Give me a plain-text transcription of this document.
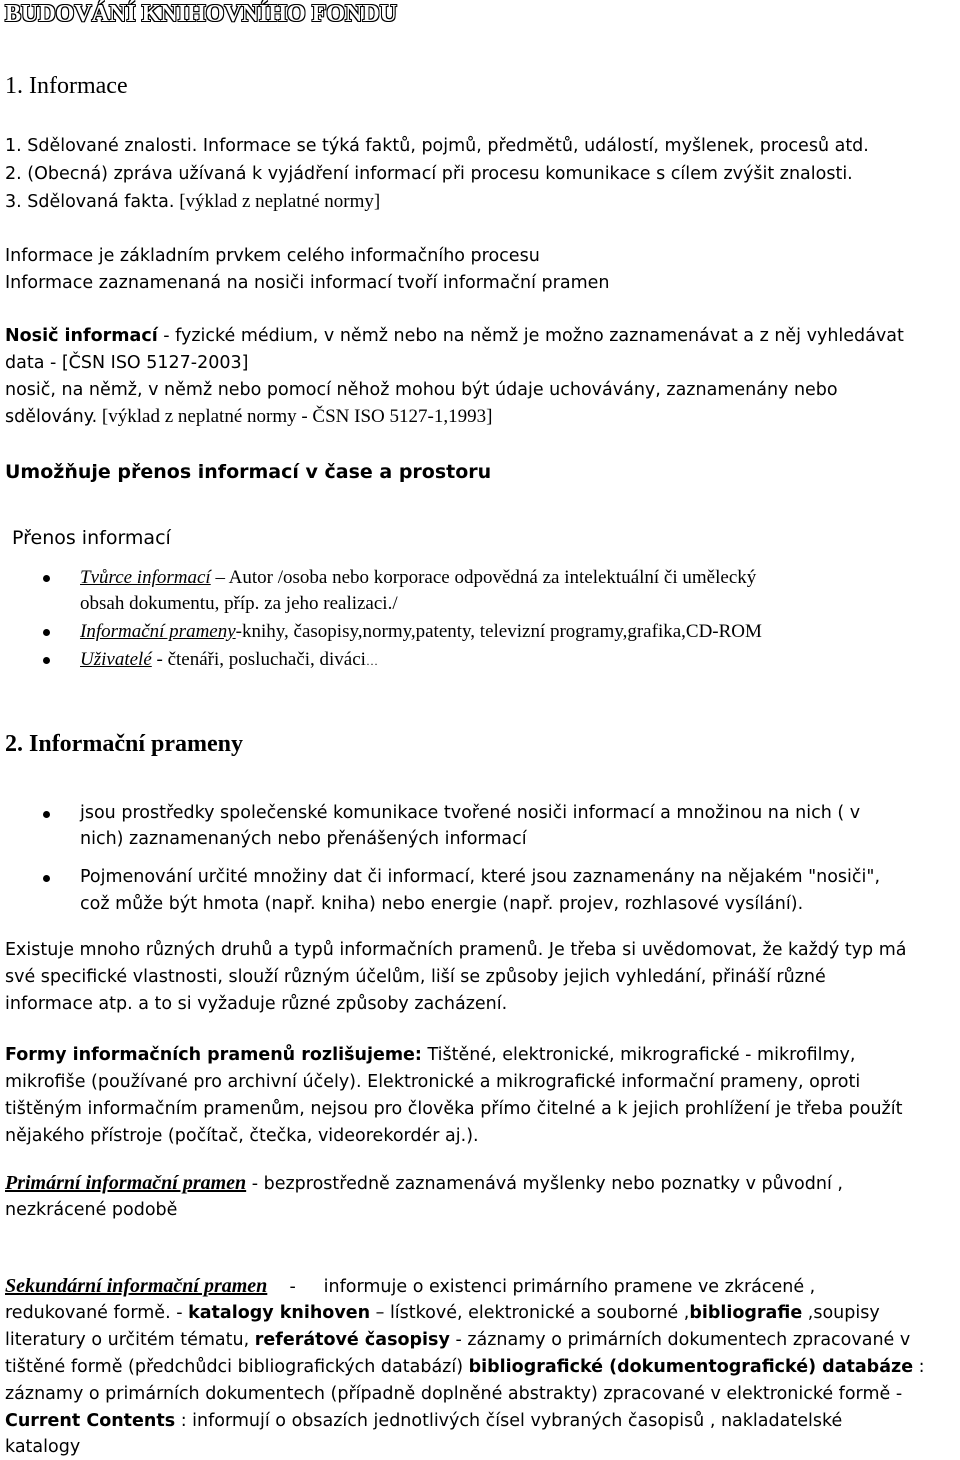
BUDOVÁNÍ KNIHOVNÍHO FONDU
1. Informace
1. Sdělované znalosti. Informace se týká faktů, pojmů, předmětů, událostí, myšlenek, procesů atd.
2. (Obecná) zpráva užívaná k vyjádření informací při procesu komunikace s cílem zvýšit znalosti.
3. Sdělovaná fakta. [výklad z neplatné normy]
Informace je základním prvkem celého informačního procesu
Informace zaznamenaná na nosiči informací tvoří informační pramen
Nosič informací - fyzické médium, v němž nebo na němž je možno zaznamenávat a z něj vyhledávat
data - [ČSN ISO 5127-2003]
nosič, na němž, v němž nebo pomocí něhož mohou být údaje uchovávány, zaznamenány nebo
sdělovány. [výklad z neplatné normy - ČSN ISO 5127-1,1993]
Umožňuje přenos informací v čase a prostoru
Přenos informací
Tvůrce informací – Autor /osoba nebo korporace odpovědná za intelektuální či umělecký
obsah dokumentu, příp. za jeho realizaci./
Informační prameny-knihy, časopisy,normy,patenty, televizní programy,grafika,CD-ROM
Uživatelé - čtenáři, posluchači, diváci…
2. Informační prameny
jsou prostředky společenské komunikace tvořené nosiči informací a množinou na nich ( v
nich) zaznamenaných nebo přenášených informací
Pojmenování určité množiny dat či informací, které jsou zaznamenány na nějakém "nosiči",
což může být hmota (např. kniha) nebo energie (např. projev, rozhlasové vysílání).
Existuje mnoho různých druhů a typů informačních pramenů. Je třeba si uvědomovat, že každý typ má
své specifické vlastnosti, slouží různým účelům, liší se způsoby jejich vyhledání, přináší různé
informace atp. a to si vyžaduje různé způsoby zacházení.
Formy informačních pramenů rozlišujeme: Tištěné, elektronické, mikrografické - mikrofilmy,
mikrofiše (používané pro archivní účely). Elektronické a mikrografické informační prameny, oproti
tištěným informačním pramenům, nejsou pro člověka přímo čitelné a k jejich prohlížení je třeba použít
nějakého přístroje (počítač, čtečka, videorekordér aj.).
Primární informační pramen - bezprostředně zaznamenává myšlenky nebo poznatky v původní ,
nezkrácené podobě
Sekundární informační pramen    -     informuje o existenci primárního pramene ve zkrácené ,
redukované formě. - katalogy knihoven – lístkové, elektronické a souborné ,bibliografie ,soupisy
literatury o určitém tématu, referátové časopisy - záznamy o primárních dokumentech zpracované v
tištěné formě (předchůdci bibliografických databází) bibliografické (dokumentografické) databáze :
záznamy o primárních dokumentech (případně doplněné abstrakty) zpracované v elektronické formě -
Current Contents : informují o obsazích jednotlivých čísel vybraných časopisů , nakladatelské
katalogy
